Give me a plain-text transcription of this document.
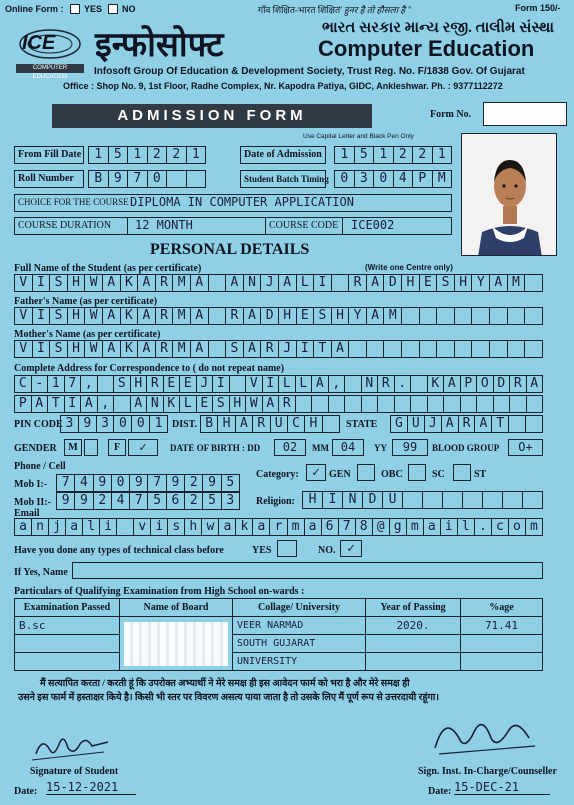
Online Form : YES NO	गाँव शिक्षित-भारत शिक्षित
" हुनर है तो हौसला है "	Form 150/-
ICE
COMPUTER EDUCATION
इन्फोसोफ्ट	ભારત સરકાર માન્ય રજી. તાલીમ સંસ્થા
Computer Education
Infosoft Group Of Education & Development Society, Trust Reg. No. F/1838 Gov. Of Gujarat
Office : Shop No. 9, 1st Floor, Radhe Complex, Nr. Kapodra Patiya, GIDC, Ankleshwar. Ph. : 9377112272
ADMISSION FORM	Form No.
Use Capital Letter and Black Pen Only
From Fill Date	1 5 1 2 2 1	Date of Admission	1 5 1 2 2 1
Roll Number	B 9 7 0	Student Batch Timing 0 3 0 4 P M
CHOICE FOR THE COURSE DIPLOMA IN COMPUTER APPLICATION
COURSE DURATION 12 MONTH	COURSE CODE ICE002
PERSONAL DETAILS
Full Name of the Student (as per certificate)	(Write one Centre only)
V I S H W A K A R M A	A N J A L I	R A D H E S H Y A M
Father's Name (as per certificate)
V I S H W A K A R M A	R A D H E S H Y A M
Mother's Name (as per certificate)
V I S H W A K A R M A	S A R J I T A
Complete Address for Correspondence to ( do not repeat name)
C - 1 7 ,	S H R E E J I	V I L L A ,	N R .	K A P O D R A
P A T I A ,	A N K L E S H W A R
PIN CODE 3 9 3 0 0 1 DIST. B H A R U C H	STATE	G U J A R A T
GENDER	M	F	✓	DATE OF BIRTH : DD	02	MM 04	YY	99	BLOOD GROUP	O+
Phone / Cell
Mob I:-	7 4 9 0 9 7 9 2 9 5
Mob II:- 9 9 2 4 7 5 6 2 5 3
Category:	✓ GEN	OBC	SC	ST
Religion:	H I N D U
Email
a n j a l i	v i s h w a k a r m a 6 7 8 @ g m a i l . c o m
Have you done any types of technical class before	YES	NO. ✓
If Yes, Name
Particulars of Qualifying Examination from High School on-wards :
Examination Passed	Name of Board	Collage/ University	Year of Passing	%age
B.sc		VEER NARMAD	2020.	71.41
		SOUTH GUJARAT		
		UNIVERSITY		
मैं सत्यापित करता / करती हूं कि उपरोक्त अभ्यार्थी ने मेरे समक्ष ही इस आवेदन फार्म को भरा है और मेरे समक्ष ही
उसने इस फार्म में हस्ताक्षर किये है। किसी भी स्तर पर विवरण असत्य पाया जाता है तो उसके लिए मैं पूर्ण रूप से उत्तरदायी रहूंगा।
Signature of Student
Date: 15-12-2021
Sign. Inst. In-Charge/Counseller
Date: 15-DEC-21
